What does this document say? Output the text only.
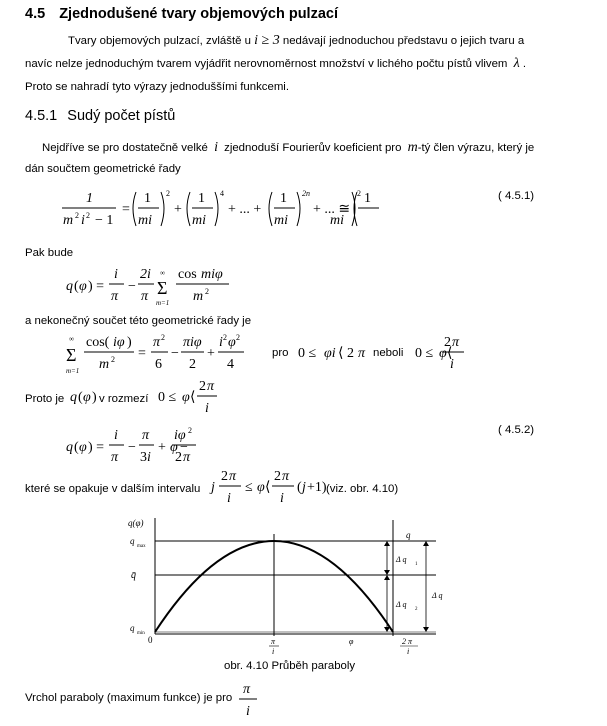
4.5 Zjednodušené tvary objemových pulzací
Tvary objemových pulzací, zvláště u i ≥ 3 nedávají jednoduchou představu o jejich tvaru a
navíc nelze jednoduchým tvarem vyjádřit nerovnoměrnost množství v lichého počtu pístů vlivem λ .
Proto se nahradí tyto výrazy jednoduššími funkcemi.
4.5.1 Sudý počet pístů
Nejdříve se pro dostatečně velké i zjednoduší Fourierův koeficient pro m-tý člen výrazu, který je
dán součtem geometrické řady
1
m 2 i 2 − 1
=
1
mi
2
+
1
mi
4
+ ... +
1
mi
2n
+ ... ≅
1
mi
2	( 4.5.1)
Pak bude
q ( φ ) =
i
π
−
2i
π Σ
∞
m=1
cos miφ
m 2
a nekonečný součet této geometrické řady je
Σ
∞
m=1
cos( iφ )
m 2 =
π 2
6
−
πiφ
2
+
i 2 φ 2
4
pro 0 ≤ φi ⟨ 2 π neboli 0 ≤ φ ⟨
2 π
i
Proto je q ( φ ) v rozmezí 0 ≤ φ ⟨
2 π
i
q ( φ ) =
i
π
−
π
3 i
+ φ −
iφ 2
2 π
( 4.5.2)
které se opakuje v dalším intervalu j
2 π
i
≤ φ ⟨
2 π
i
( j +1) (viz. obr. 4.10)
q(φ)
q
max
q̄
q
min
0	π
i
φ	2 π
i
q
Δ q
1
Δ q
2
Δ q
obr. 4.10 Průběh paraboly
Vrchol paraboly (maximum funkce) je pro
π
i
